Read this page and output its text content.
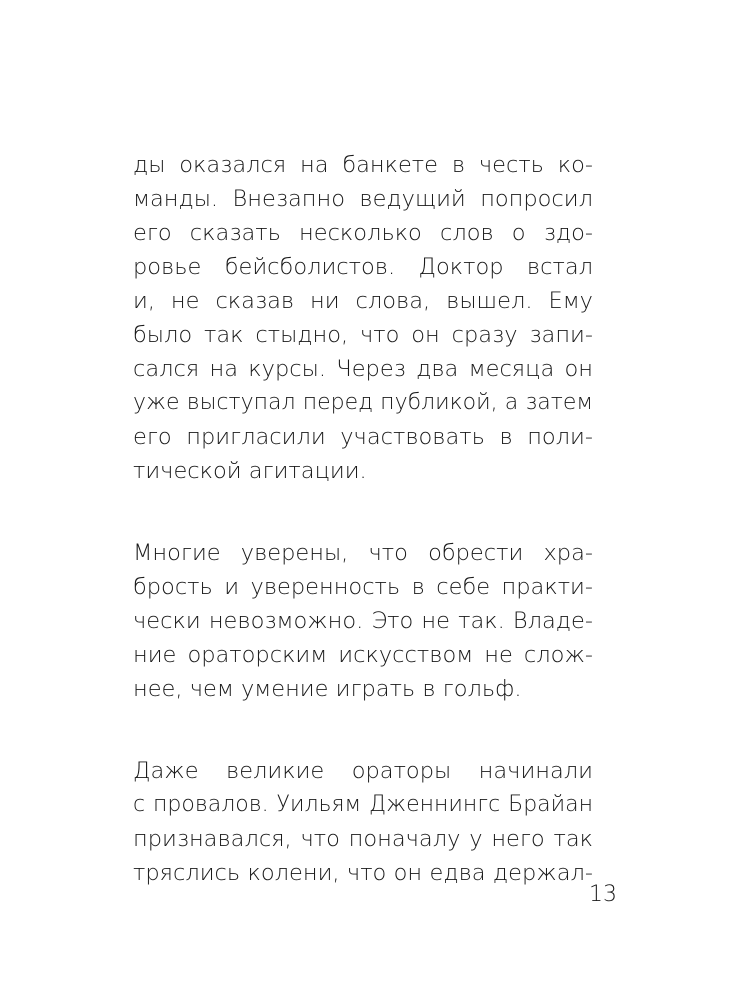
ды оказался на банкете в честь ко-
манды. Внезапно ведущий попросил
его сказать несколько слов о здо-
ровье бейсболистов. Доктор встал
и, не сказав ни слова, вышел. Ему
было так стыдно, что он сразу запи-
сался на курсы. Через два месяца он
уже выступал перед публикой, а затем
его пригласили участвовать в поли-
тической агитации.
Многие уверены, что обрести хра-
брость и уверенность в себе практи-
чески невозможно. Это не так. Владе-
ние ораторским искусством не слож-
нее, чем умение играть в гольф.
Даже великие ораторы начинали
с провалов. Уильям Дженнингс Брайан
признавался, что поначалу у него так
тряслись колени, что он едва держал-
13
